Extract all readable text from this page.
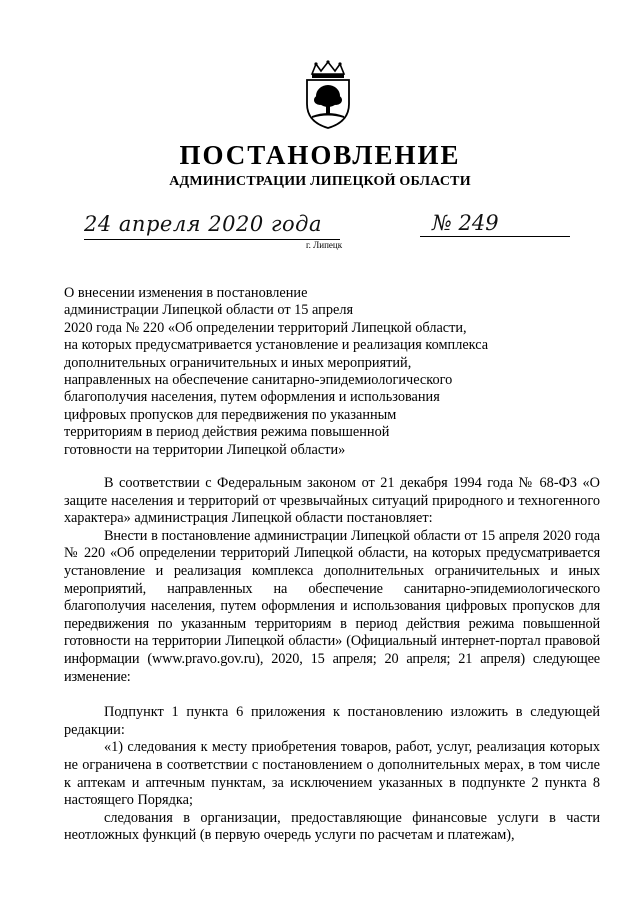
ПОСТАНОВЛЕНИЕ
АДМИНИСТРАЦИИ ЛИПЕЦКОЙ ОБЛАСТИ
24 апреля 2020 года
г. Липецк
№ 249
О внесении изменения в постановление
администрации Липецкой области от 15 апреля
2020 года № 220 «Об определении территорий Липецкой области,
на которых предусматривается установление и реализация комплекса
дополнительных ограничительных и иных мероприятий,
направленных на обеспечение санитарно-эпидемиологического
благополучия населения, путем оформления и использования
цифровых пропусков для передвижения по указанным
территориям в период действия режима повышенной
готовности на территории Липецкой области»

В соответствии с Федеральным законом от 21 декабря 1994 года № 68-ФЗ «О защите населения и территорий от чрезвычайных ситуаций природного и техногенного характера» администрация Липецкой области постановляет:

Внести в постановление администрации Липецкой области от 15 апреля 2020 года № 220 «Об определении территорий Липецкой области, на которых предусматривается установление и реализация комплекса дополнительных ограничительных и иных мероприятий, направленных на обеспечение санитарно-эпидемиологического благополучия населения, путем оформления и использования цифровых пропусков для передвижения по указанным территориям в период действия режима повышенной готовности на территории Липецкой области» (Официальный интернет-портал правовой информации (www.pravo.gov.ru), 2020, 15 апреля; 20 апреля; 21 апреля) следующее изменение:

Подпункт 1 пункта 6 приложения к постановлению изложить в следующей редакции:

«1) следования к месту приобретения товаров, работ, услуг, реализация которых не ограничена в соответствии с постановлением о дополнительных мерах, в том числе к аптекам и аптечным пунктам, за исключением указанных в подпункте 2 пункта 8 настоящего Порядка;

следования в организации, предоставляющие финансовые услуги в части неотложных функций (в первую очередь услуги по расчетам и платежам),
